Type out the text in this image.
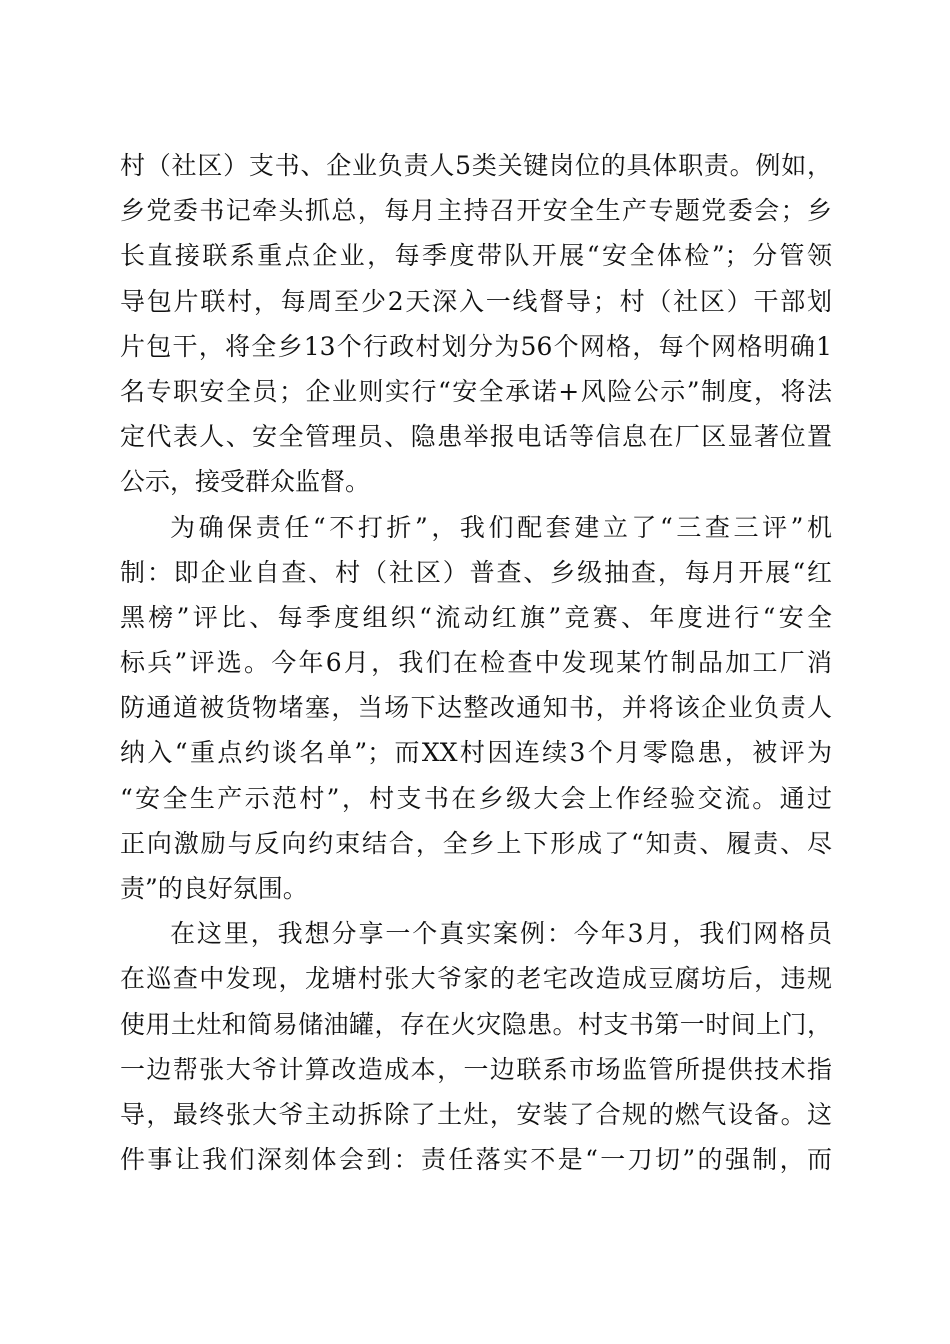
村（社区）支书、企业负责人5类关键岗位的具体职责。例如，
乡党委书记牵头抓总，每月主持召开安全生产专题党委会；乡
长直接联系重点企业，每季度带队开展“安全体检”；分管领
导包片联村，每周至少2天深入一线督导；村（社区）干部划
片包干，将全乡13个行政村划分为56个网格，每个网格明确1
名专职安全员；企业则实行“安全承诺+风险公示”制度，将法
定代表人、安全管理员、隐患举报电话等信息在厂区显著位置
公示，接受群众监督。
为确保责任“不打折”，我们配套建立了“三查三评”机
制：即企业自查、村（社区）普查、乡级抽查，每月开展“红
黑榜”评比、每季度组织“流动红旗”竞赛、年度进行“安全
标兵”评选。今年6月，我们在检查中发现某竹制品加工厂消
防通道被货物堵塞，当场下达整改通知书，并将该企业负责人
纳入“重点约谈名单”；而XX村因连续3个月零隐患，被评为
“安全生产示范村”，村支书在乡级大会上作经验交流。通过
正向激励与反向约束结合，全乡上下形成了“知责、履责、尽
责”的良好氛围。
在这里，我想分享一个真实案例：今年3月，我们网格员
在巡查中发现，龙塘村张大爷家的老宅改造成豆腐坊后，违规
使用土灶和简易储油罐，存在火灾隐患。村支书第一时间上门，
一边帮张大爷计算改造成本，一边联系市场监管所提供技术指
导，最终张大爷主动拆除了土灶，安装了合规的燃气设备。这
件事让我们深刻体会到：责任落实不是“一刀切”的强制，而
